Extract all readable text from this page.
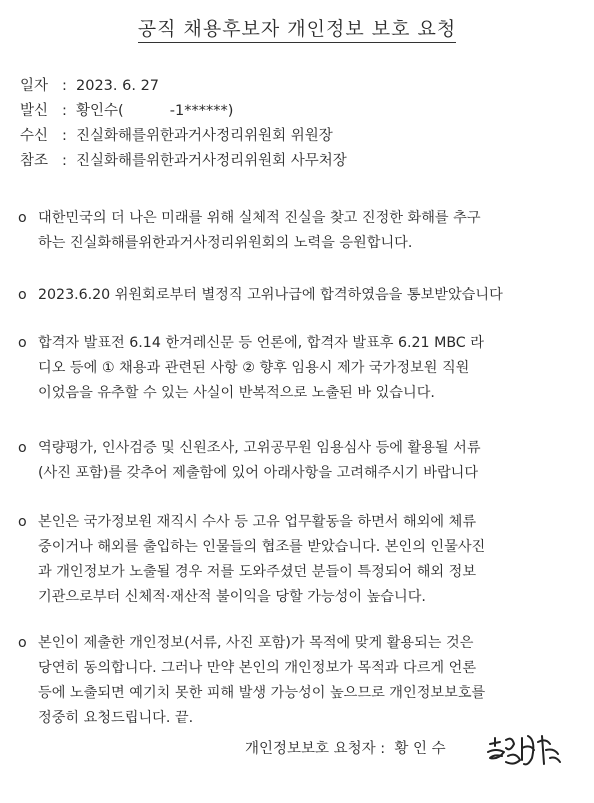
공직 채용후보자 개인정보 보호 요청
일자 : 2023. 6. 27
발신 : 황인수(          -1******)
수신 : 진실화해를위한과거사정리위원회 위원장
참조 : 진실화해를위한과거사정리위원회 사무처장
o 대한민국의 더 나은 미래를 위해 실체적 진실을 찾고 진정한 화해를 추구
하는 진실화해를위한과거사정리위원회의 노력을 응원합니다.
o 2023.6.20 위원회로부터 별정직 고위나급에 합격하였음을 통보받았습니다
o 합격자 발표전 6.14 한겨레신문 등 언론에, 합격자 발표후 6.21 MBC 라
디오 등에 ① 채용과 관련된 사항 ② 향후 임용시 제가 국가정보원 직원
이었음을 유추할 수 있는 사실이 반복적으로 노출된 바 있습니다.
o 역량평가, 인사검증 및 신원조사, 고위공무원 임용심사 등에 활용될 서류
(사진 포함)를 갖추어 제출함에 있어 아래사항을 고려해주시기 바랍니다
o 본인은 국가정보원 재직시 수사 등 고유 업무활동을 하면서 해외에 체류
중이거나 해외를 출입하는 인물들의 협조를 받았습니다. 본인의 인물사진
과 개인정보가 노출될 경우 저를 도와주셨던 분들이 특정되어 해외 정보
기관으로부터 신체적·재산적 불이익을 당할 가능성이 높습니다.
o 본인이 제출한 개인정보(서류, 사진 포함)가 목적에 맞게 활용되는 것은
당연히 동의합니다. 그러나 만약 본인의 개인정보가 목적과 다르게 언론
등에 노출되면 예기치 못한 피해 발생 가능성이 높으므로 개인정보보호를
정중히 요청드립니다. 끝.
개인정보보호 요청자 :  황 인 수
